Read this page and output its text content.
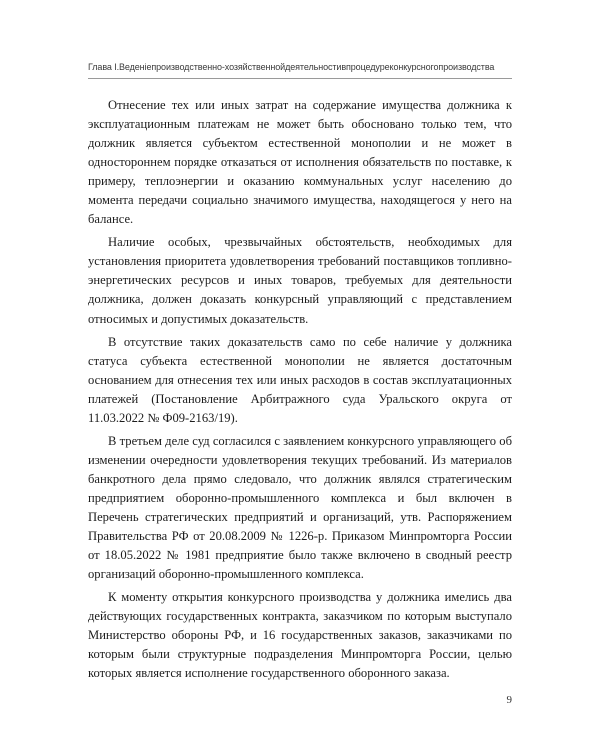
Глава I.Веденieпроизводственно-хозяйственнойдеятельностивпроцедуреконкурсногопроизводства

Отнесение тех или иных затрат на содержание имущества должника к эксплуатационным платежам не может быть обосновано только тем, что должник является субъектом естественной монополии и не может в одностороннем порядке отказаться от исполнения обязательств по поставке, к примеру, теплоэнергии и оказанию коммунальных услуг населению до момента передачи социально значимого имущества, находящегося у него на балансе.

Наличие особых, чрезвычайных обстоятельств, необходимых для установления приоритета удовлетворения требований поставщиков топливно-энергетических ресурсов и иных товаров, требуемых для деятельности должника, должен доказать конкурсный управляющий с представлением относимых и допустимых доказательств.

В отсутствие таких доказательств само по себе наличие у должника статуса субъекта естественной монополии не является достаточным основанием для отнесения тех или иных расходов в состав эксплуатационных платежей (Постановление Арбитражного суда Уральского округа от 11.03.2022 № Ф09-2163/19).

В третьем деле суд согласился с заявлением конкурсного управляющего об изменении очередности удовлетворения текущих требований. Из материалов банкротного дела прямо следовало, что должник являлся стратегическим предприятием оборонно-промышленного комплекса и был включен в Перечень стратегических предприятий и организаций, утв. Распоряжением Правительства РФ от 20.08.2009 № 1226-р. Приказом Минпромторга России от 18.05.2022 № 1981 предприятие было также включено в сводный реестр организаций оборонно-промышленного комплекса.

К моменту открытия конкурсного производства у должника имелись два действующих государственных контракта, заказчиком по которым выступало Министерство обороны РФ, и 16 государственных заказов, заказчиками по которым были структурные подразделения Минпромторга России, целью которых является исполнение государственного оборонного заказа.

9
